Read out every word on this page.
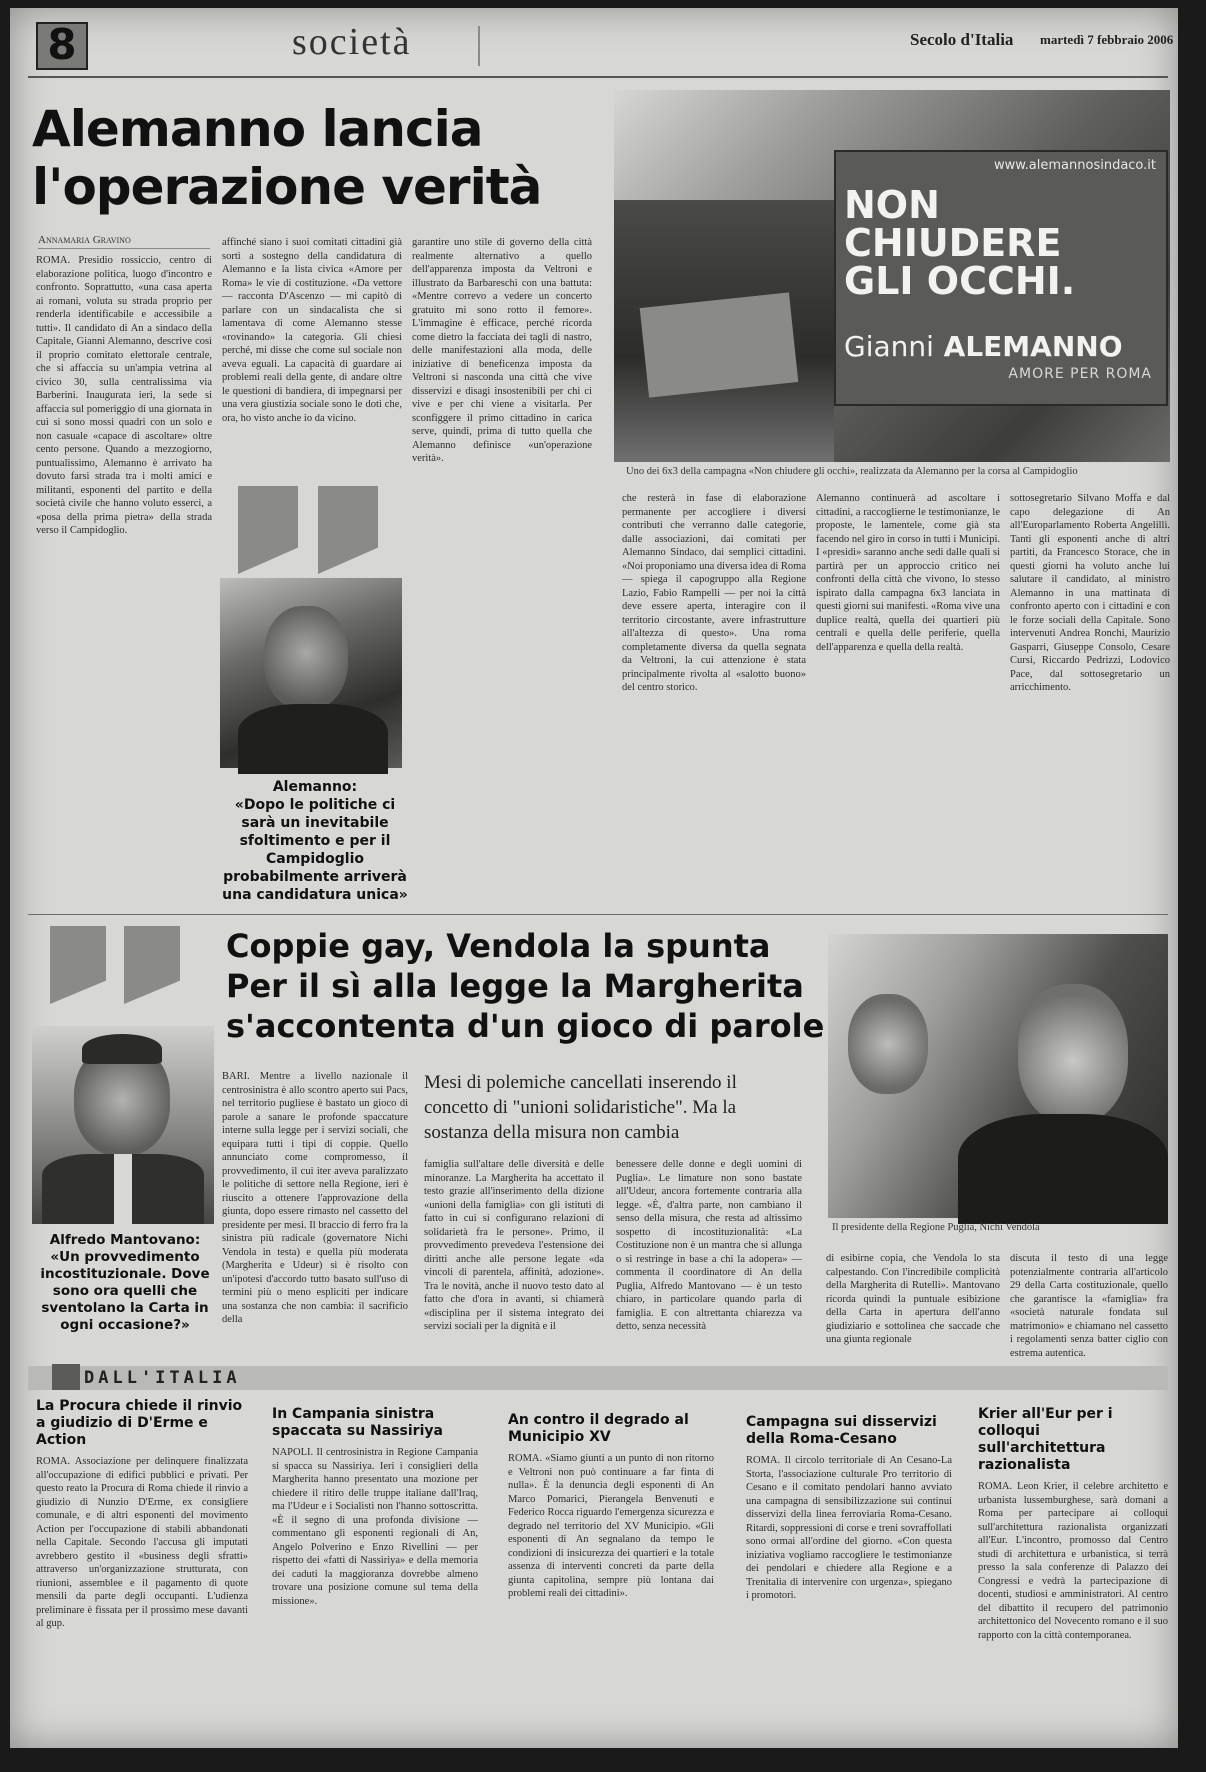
8	società	Secolo d'Italia martedì 7 febbraio 2006
Alemanno lancia
l'operazione verità
Annamaria Gravino
ROMA. Presidio rossiccio, centro di elaborazione politica, luogo d'incontro e confronto. Soprattutto, «una casa aperta ai romani, voluta su strada proprio per renderla identificabile e accessibile a tutti». Il candidato di An a sindaco della Capitale, Gianni Alemanno, descrive così il proprio comitato elettorale centrale, che si affaccia su un'ampia vetrina al civico 30, sulla centralissima via Barberini. Inaugurata ieri, la sede si affaccia sul pomeriggio di una giornata in cui si sono mossi quadri con un solo e non casuale «capace di ascoltare» oltre cento persone. Quando a mezzogiorno, puntualissimo, Alemanno è arrivato ha dovuto farsi strada tra i molti amici e militanti, esponenti del partito e della società civile che hanno voluto esserci, a «posa della prima pietra» della strada verso il Campidoglio.
affinché siano i suoi comitati cittadini già sorti a sostegno della candidatura di Alemanno e la lista civica «Amore per Roma» le vie di costituzione. «Da vettore — racconta D'Ascenzo — mi capitò di parlare con un sindacalista che si lamentava di come Alemanno stesse «rovinando» la categoria. Gli chiesi perché, mi disse che come sul sociale non aveva eguali. La capacità di guardare ai problemi reali della gente, di andare oltre le questioni di bandiera, di impegnarsi per una vera giustizia sociale sono le doti che, ora, ho visto anche io da vicino.
Alemanno:
«Dopo le politiche ci sarà un inevitabile sfoltimento e per il Campidoglio probabilmente arriverà una candidatura unica»
garantire uno stile di governo della città realmente alternativo a quello dell'apparenza imposta da Veltroni e illustrato da Barbareschi con una battuta: «Mentre correvo a vedere un concerto gratuito mi sono rotto il femore». L'immagine è efficace, perché ricorda come dietro la facciata dei tagli di nastro, delle manifestazioni alla moda, delle iniziative di beneficenza imposta da Veltroni si nasconda una città che vive disservizi e disagi insostenibili per chi ci vive e per chi viene a visitarla. Per sconfiggere il primo cittadino in carica serve, quindi, prima di tutto quella che Alemanno definisce «un'operazione verità».
www.alemannosindaco.it
NON
CHIUDERE
GLI OCCHI.
Gianni ALEMANNO
AMORE PER ROMA
Uno dei 6x3 della campagna «Non chiudere gli occhi», realizzata da Alemanno per la corsa al Campidoglio
che resterà in fase di elaborazione permanente per accogliere i diversi contributi che verranno dalle categorie, dalle associazioni, dai comitati per Alemanno Sindaco, dai semplici cittadini. «Noi proponiamo una diversa idea di Roma — spiega il capogruppo alla Regione Lazio, Fabio Rampelli — per noi la città deve essere aperta, interagire con il territorio circostante, avere infrastrutture all'altezza di questo». Una roma completamente diversa da quella segnata da Veltroni, la cui attenzione è stata principalmente rivolta al «salotto buono» del centro storico.
Alemanno continuerà ad ascoltare i cittadini, a raccoglierne le testimonianze, le proposte, le lamentele, come già sta facendo nel giro in corso in tutti i Municipi. I «presidi» saranno anche sedi dalle quali si partirà per un approccio critico nei confronti della città che vivono, lo stesso ispirato dalla campagna 6x3 lanciata in questi giorni sui manifesti. «Roma vive una duplice realtà, quella dei quartieri più centrali e quella delle periferie, quella dell'apparenza e quella della realtà.
sottosegretario Silvano Moffa e dal capo delegazione di An all'Europarlamento Roberta Angelilli. Tanti gli esponenti anche di altri partiti, da Francesco Storace, che in questi giorni ha voluto anche lui salutare il candidato, al ministro Alemanno in una mattinata di confronto aperto con i cittadini e con le forze sociali della Capitale. Sono intervenuti Andrea Ronchi, Maurizio Gasparri, Giuseppe Consolo, Cesare Cursi, Riccardo Pedrizzi, Lodovico Pace, dal sottosegretario un arricchimento.
Coppie gay, Vendola la spunta
Per il sì alla legge la Margherita
s'accontenta d'un gioco di parole
Alfredo Mantovano:
«Un provvedimento incostituzionale. Dove sono ora quelli che sventolano la Carta in ogni occasione?»
BARI. Mentre a livello nazionale il centrosinistra è allo scontro aperto sui Pacs, nel territorio pugliese è bastato un gioco di parole a sanare le profonde spaccature interne sulla legge per i servizi sociali, che equipara tutti i tipi di coppie. Quello annunciato come compromesso, il provvedimento, il cui iter aveva paralizzato le politiche di settore nella Regione, ieri è riuscito a ottenere l'approvazione della giunta, dopo essere rimasto nel cassetto del presidente per mesi. Il braccio di ferro fra la sinistra più radicale (governatore Nichi Vendola in testa) e quella più moderata (Margherita e Udeur) si è risolto con un'ipotesi d'accordo tutto basato sull'uso di termini più o meno espliciti per indicare una sostanza che non cambia: il sacrificio della
Mesi di polemiche cancellati inserendo il concetto di "unioni solidaristiche". Ma la sostanza della misura non cambia
famiglia sull'altare delle diversità e delle minoranze. La Margherita ha accettato il testo grazie all'inserimento della dizione «unioni della famiglia» con gli istituti di fatto in cui si configurano relazioni di solidarietà fra le persone». Primo, il provvedimento prevedeva l'estensione dei diritti anche alle persone legate «da vincoli di parentela, affinità, adozione». Tra le novità, anche il nuovo testo dato al fatto che d'ora in avanti, si chiamerà «disciplina per il sistema integrato dei servizi sociali per la dignità e il
benessere delle donne e degli uomini di Puglia». Le limature non sono bastate all'Udeur, ancora fortemente contraria alla legge. «È, d'altra parte, non cambiano il senso della misura, che resta ad altissimo sospetto di incostituzionalità: «La Costituzione non è un mantra che si allunga o si restringe in base a chi la adopera» — commenta il coordinatore di An della Puglia, Alfredo Mantovano — è un testo chiaro, in particolare quando parla di famiglia. E con altrettanta chiarezza va detto, senza necessità
Il presidente della Regione Puglia, Nichi Vendola
di esibirne copia, che Vendola lo sta calpestando. Con l'incredibile complicità della Margherita di Rutelli». Mantovano ricorda quindi la puntuale esibizione della Carta in apertura dell'anno giudiziario e sottolinea che saccade che una giunta regionale
discuta il testo di una legge potenzialmente contraria all'articolo 29 della Carta costituzionale, quello che garantisce la «famiglia» fra «società naturale fondata sul matrimonio» e chiamano nel cassetto i regolamenti senza batter ciglio con estrema autentica.
DALL'ITALIA
La Procura chiede il rinvio a giudizio di D'Erme e Action
ROMA. Associazione per delinquere finalizzata all'occupazione di edifici pubblici e privati. Per questo reato la Procura di Roma chiede il rinvio a giudizio di Nunzio D'Erme, ex consigliere comunale, e di altri esponenti del movimento Action per l'occupazione di stabili abbandonati nella Capitale. Secondo l'accusa gli imputati avrebbero gestito il «business degli sfratti» attraverso un'organizzazione strutturata, con riunioni, assemblee e il pagamento di quote mensili da parte degli occupanti. L'udienza preliminare è fissata per il prossimo mese davanti al gup.
In Campania sinistra spaccata su Nassiriya
NAPOLI. Il centrosinistra in Regione Campania si spacca su Nassiriya. Ieri i consiglieri della Margherita hanno presentato una mozione per chiedere il ritiro delle truppe italiane dall'Iraq, ma l'Udeur e i Socialisti non l'hanno sottoscritta. «È il segno di una profonda divisione — commentano gli esponenti regionali di An, Angelo Polverino e Enzo Rivellini — per rispetto dei «fatti di Nassiriya» e della memoria dei caduti la maggioranza dovrebbe almeno trovare una posizione comune sul tema della missione».
An contro il degrado al Municipio XV
ROMA. «Siamo giunti a un punto di non ritorno e Veltroni non può continuare a far finta di nulla». È la denuncia degli esponenti di An Marco Pomarici, Pierangela Benvenuti e Federico Rocca riguardo l'emergenza sicurezza e degrado nel territorio del XV Municipio. «Gli esponenti di An segnalano da tempo le condizioni di insicurezza dei quartieri e la totale assenza di interventi concreti da parte della giunta capitolina, sempre più lontana dai problemi reali dei cittadini».
Campagna sui disservizi della Roma-Cesano
ROMA. Il circolo territoriale di An Cesano-La Storta, l'associazione culturale Pro territorio di Cesano e il comitato pendolari hanno avviato una campagna di sensibilizzazione sui continui disservizi della linea ferroviaria Roma-Cesano. Ritardi, soppressioni di corse e treni sovraffollati sono ormai all'ordine del giorno. «Con questa iniziativa vogliamo raccogliere le testimonianze dei pendolari e chiedere alla Regione e a Trenitalia di intervenire con urgenza», spiegano i promotori.
Krier all'Eur per i colloqui sull'architettura razionalista
ROMA. Leon Krier, il celebre architetto e urbanista lussemburghese, sarà domani a Roma per partecipare ai colloqui sull'architettura razionalista organizzati all'Eur. L'incontro, promosso dal Centro studi di architettura e urbanistica, si terrà presso la sala conferenze di Palazzo dei Congressi e vedrà la partecipazione di docenti, studiosi e amministratori. Al centro del dibattito il recupero del patrimonio architettonico del Novecento romano e il suo rapporto con la città contemporanea.
